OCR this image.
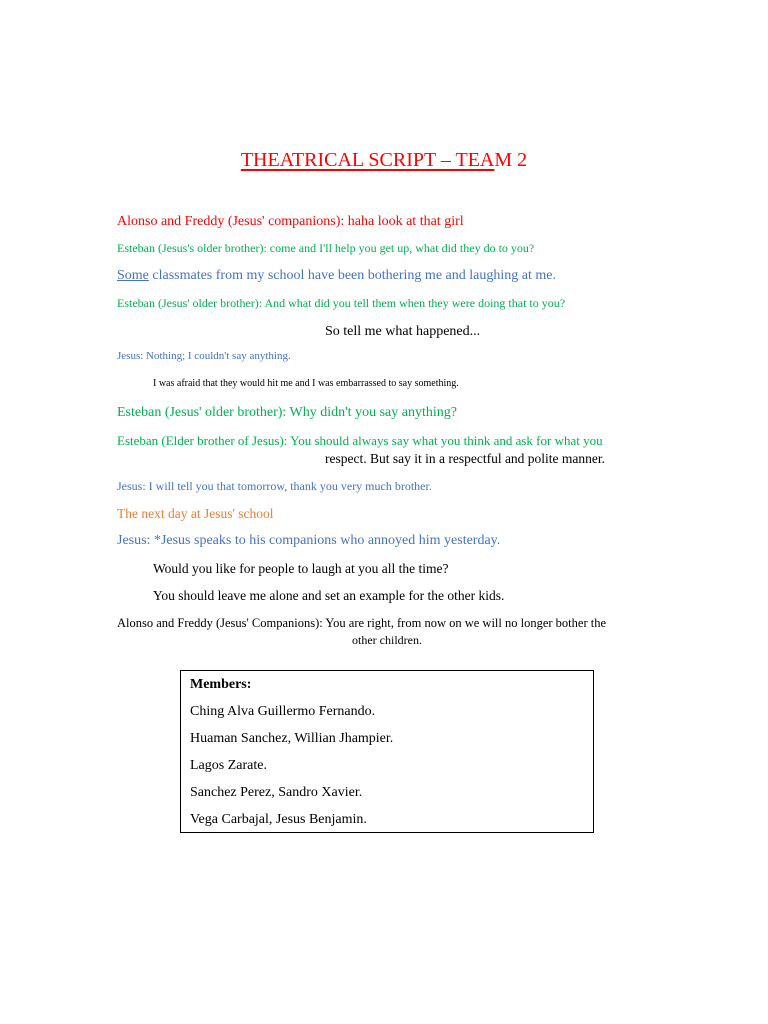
THEATRICAL SCRIPT – TEAM 2
Alonso and Freddy (Jesus' companions): haha look at that girl
Esteban (Jesus's older brother): come and I'll help you get up, what did they do to you?
Some classmates from my school have been bothering me and laughing at me.
Esteban (Jesus' older brother): And what did you tell them when they were doing that to you?
So tell me what happened...
Jesus: Nothing; I couldn't say anything.
I was afraid that they would hit me and I was embarrassed to say something.
Esteban (Jesus' older brother): Why didn't you say anything?
Esteban (Elder brother of Jesus): You should always say what you think and ask for what you
respect. But say it in a respectful and polite manner.
Jesus: I will tell you that tomorrow, thank you very much brother.
The next day at Jesus' school
Jesus: *Jesus speaks to his companions who annoyed him yesterday.
Would you like for people to laugh at you all the time?
You should leave me alone and set an example for the other kids.
Alonso and Freddy (Jesus' Companions): You are right, from now on we will no longer bother the
other children.
Members:
Ching Alva Guillermo Fernando.
Huaman Sanchez, Willian Jhampier.
Lagos Zarate.
Sanchez Perez, Sandro Xavier.
Vega Carbajal, Jesus Benjamin.
